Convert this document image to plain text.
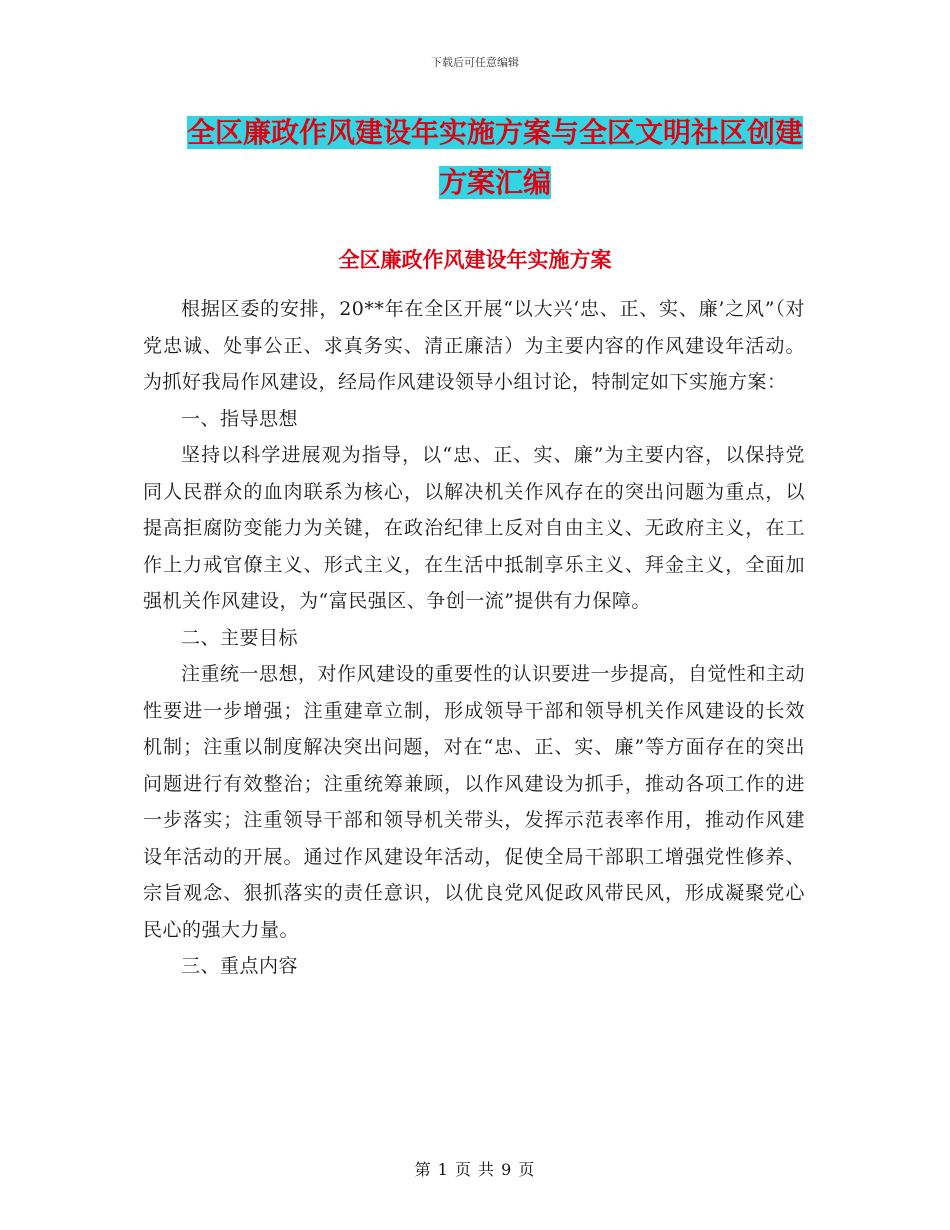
下载后可任意编辑
全区廉政作风建设年实施方案与全区文明社区创建方案汇编
全区廉政作风建设年实施方案

根据区委的安排，20**年在全区开展“以大兴‘忠、正、实、廉’之风”（对党忠诚、处事公正、求真务实、清正廉洁）为主要内容的作风建设年活动。为抓好我局作风建设，经局作风建设领导小组讨论，特制定如下实施方案：

一、指导思想

坚持以科学进展观为指导，以“忠、正、实、廉”为主要内容，以保持党同人民群众的血肉联系为核心，以解决机关作风存在的突出问题为重点，以提高拒腐防变能力为关键，在政治纪律上反对自由主义、无政府主义，在工作上力戒官僚主义、形式主义，在生活中抵制享乐主义、拜金主义，全面加强机关作风建设，为“富民强区、争创一流”提供有力保障。

二、主要目标

注重统一思想，对作风建设的重要性的认识要进一步提高，自觉性和主动性要进一步增强；注重建章立制，形成领导干部和领导机关作风建设的长效机制；注重以制度解决突出问题，对在“忠、正、实、廉”等方面存在的突出问题进行有效整治；注重统筹兼顾，以作风建设为抓手，推动各项工作的进一步落实；注重领导干部和领导机关带头，发挥示范表率作用，推动作风建设年活动的开展。通过作风建设年活动，促使全局干部职工增强党性修养、宗旨观念、狠抓落实的责任意识，以优良党风促政风带民风，形成凝聚党心民心的强大力量。

三、重点内容

第 1 页 共 9 页
